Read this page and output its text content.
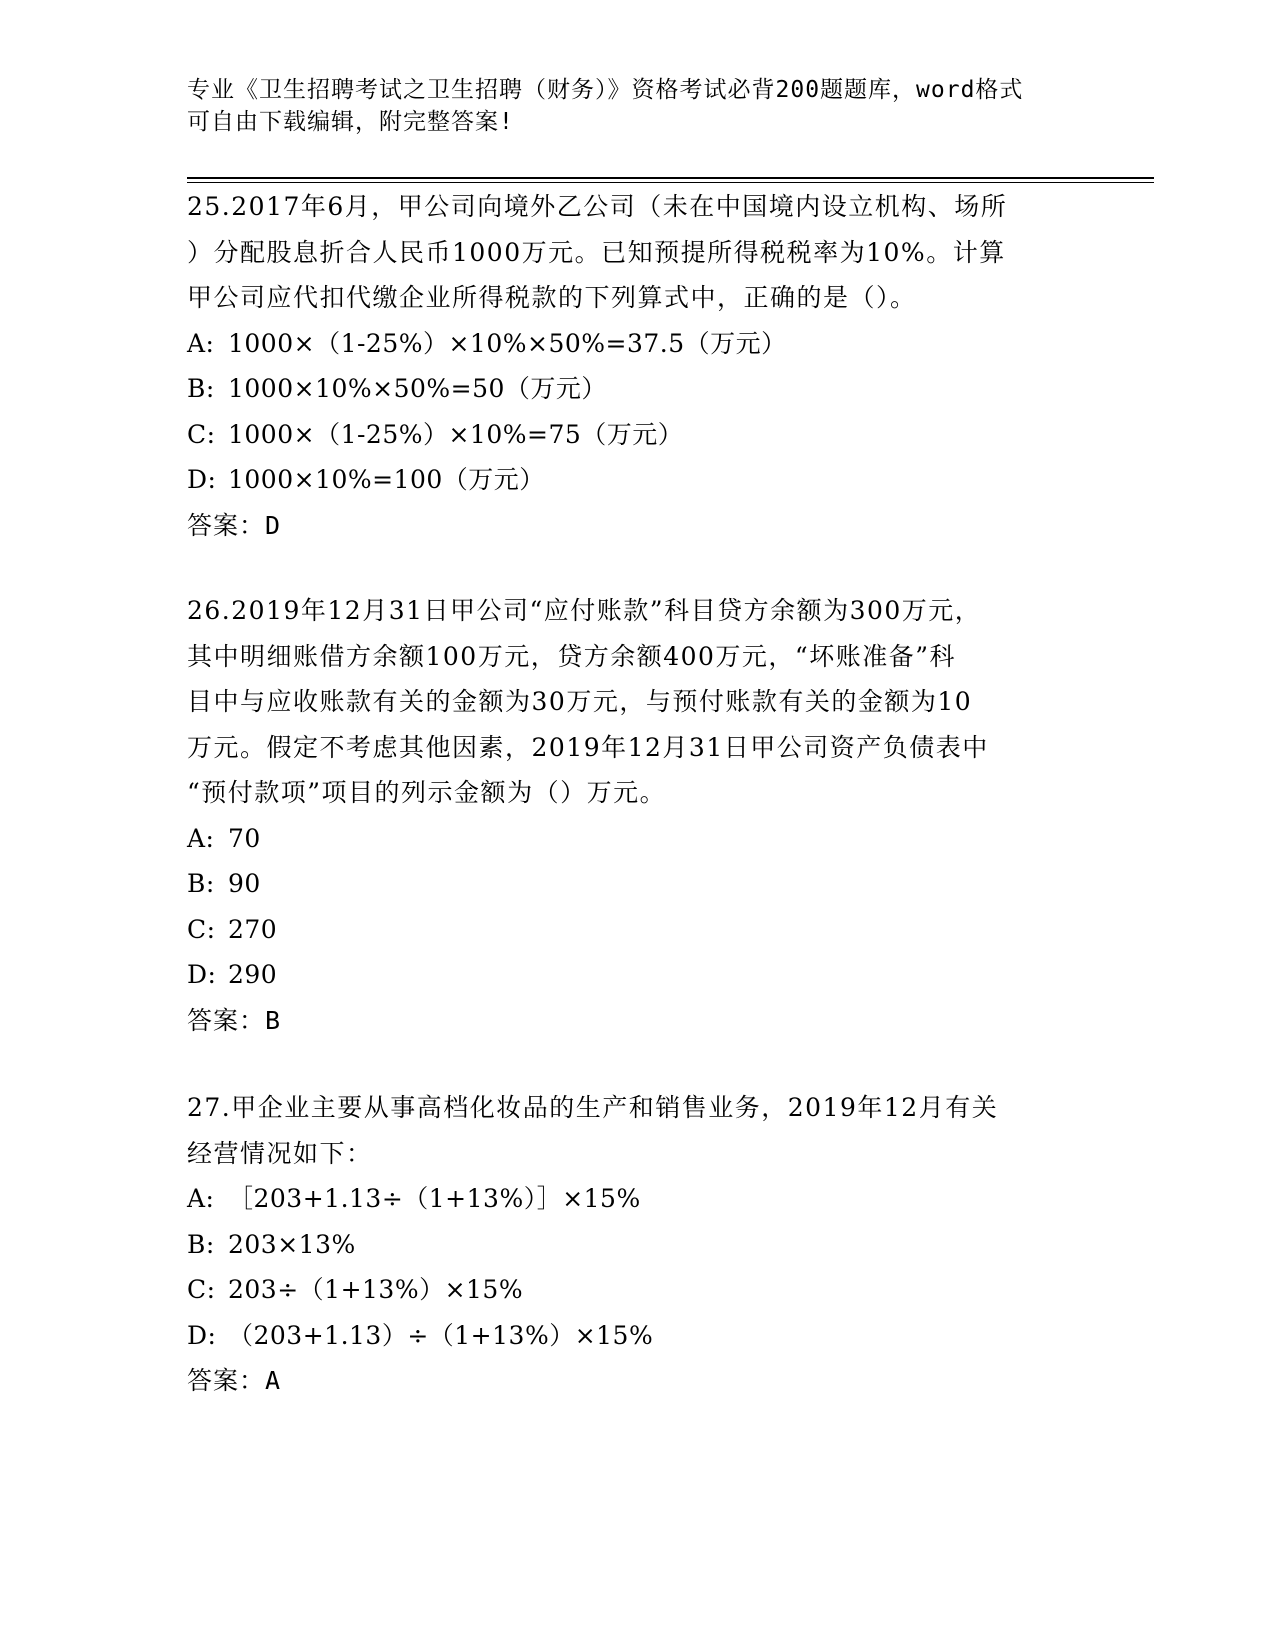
专业《卫生招聘考试之卫生招聘（财务）》资格考试必背200题题库，word格式
可自由下载编辑，附完整答案!
25.2017年6月，甲公司向境外乙公司（未在中国境内设立机构、场所
）分配股息折合人民币1000万元。已知预提所得税税率为10%。计算
甲公司应代扣代缴企业所得税款的下列算式中，正确的是（）。
A: 1000×（1-25%）×10%×50%=37.5（万元）
B: 1000×10%×50%=50（万元）
C: 1000×（1-25%）×10%=75（万元）
D: 1000×10%=100（万元）
答案：D
26.2019年12月31日甲公司“应付账款”科目贷方余额为300万元，
其中明细账借方余额100万元，贷方余额400万元，“坏账准备”科
目中与应收账款有关的金额为30万元，与预付账款有关的金额为10
万元。假定不考虑其他因素，2019年12月31日甲公司资产负债表中
“预付款项”项目的列示金额为（）万元。
A: 70
B: 90
C: 270
D: 290
答案：B
27.甲企业主要从事高档化妆品的生产和销售业务，2019年12月有关
经营情况如下：
A: ［203+1.13÷（1+13%）］×15%
B: 203×13%
C: 203÷（1+13%）×15%
D: （203+1.13）÷（1+13%）×15%
答案：A
